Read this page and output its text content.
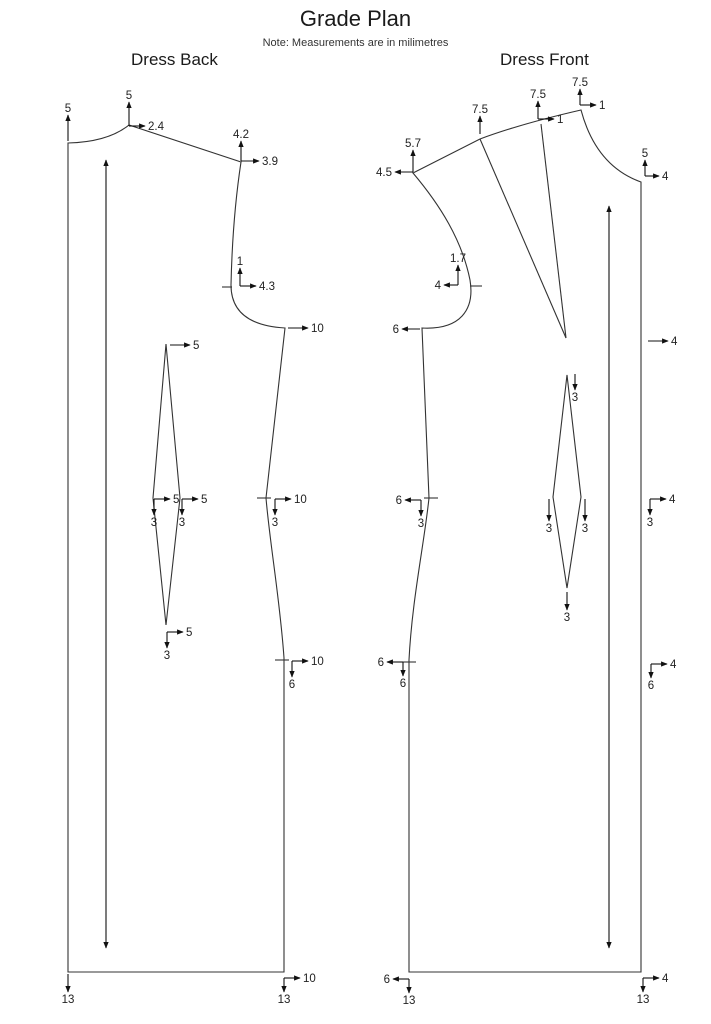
Grade Plan
Note: Measurements are in milimetres
Dress Back	Dress Front
5
5
2.4
4.2
3.9
1
4.3
10
5
5
3
5
3
5
3
10
3
10
6
13
10
13
5.7
4.5
7.5
7.5
1
7.5
1
1.7
4
6
5
4
4
3
3	3
3
6
3
4
3
6
6
4
6
6
13
4
13
